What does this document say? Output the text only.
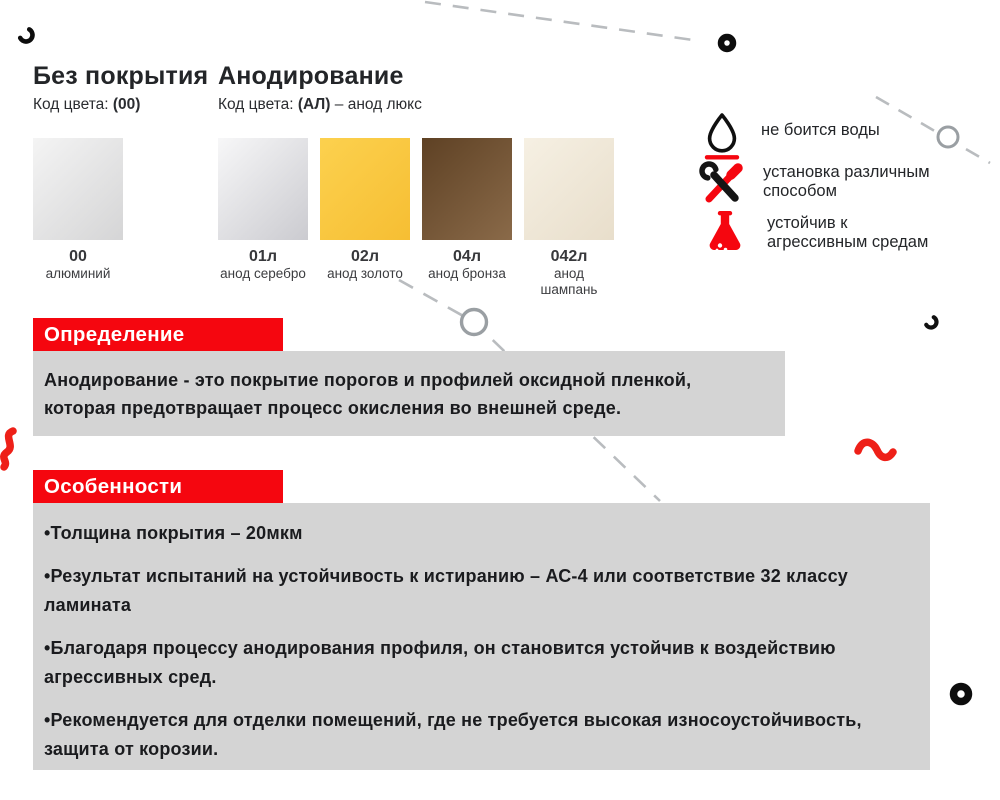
Без покрытия

Код цвета: (00)

Анодирование

Код цвета: (АЛ) – анод люкс

00
алюминий
01л
анод серебро
02л
анод золото
04л
анод бронза
042л
анод шампань
не боится воды
установка различным
способом
устойчив к
агрессивным средам
Определение
Анодирование - это покрытие порогов и профилей оксидной пленкой, которая предотвращает процесс окисления во внешней среде.
Особенности

• Толщина покрытия – 20мкм

• Результат испытаний на устойчивость к истиранию – АС-4 или соответствие 32 классу ламината

• Благодаря процессу анодирования профиля, он становится устойчив к воздействию агрессивных сред.

• Рекомендуется для отделки помещений, где не требуется высокая износоустойчивость, защита от корозии.
